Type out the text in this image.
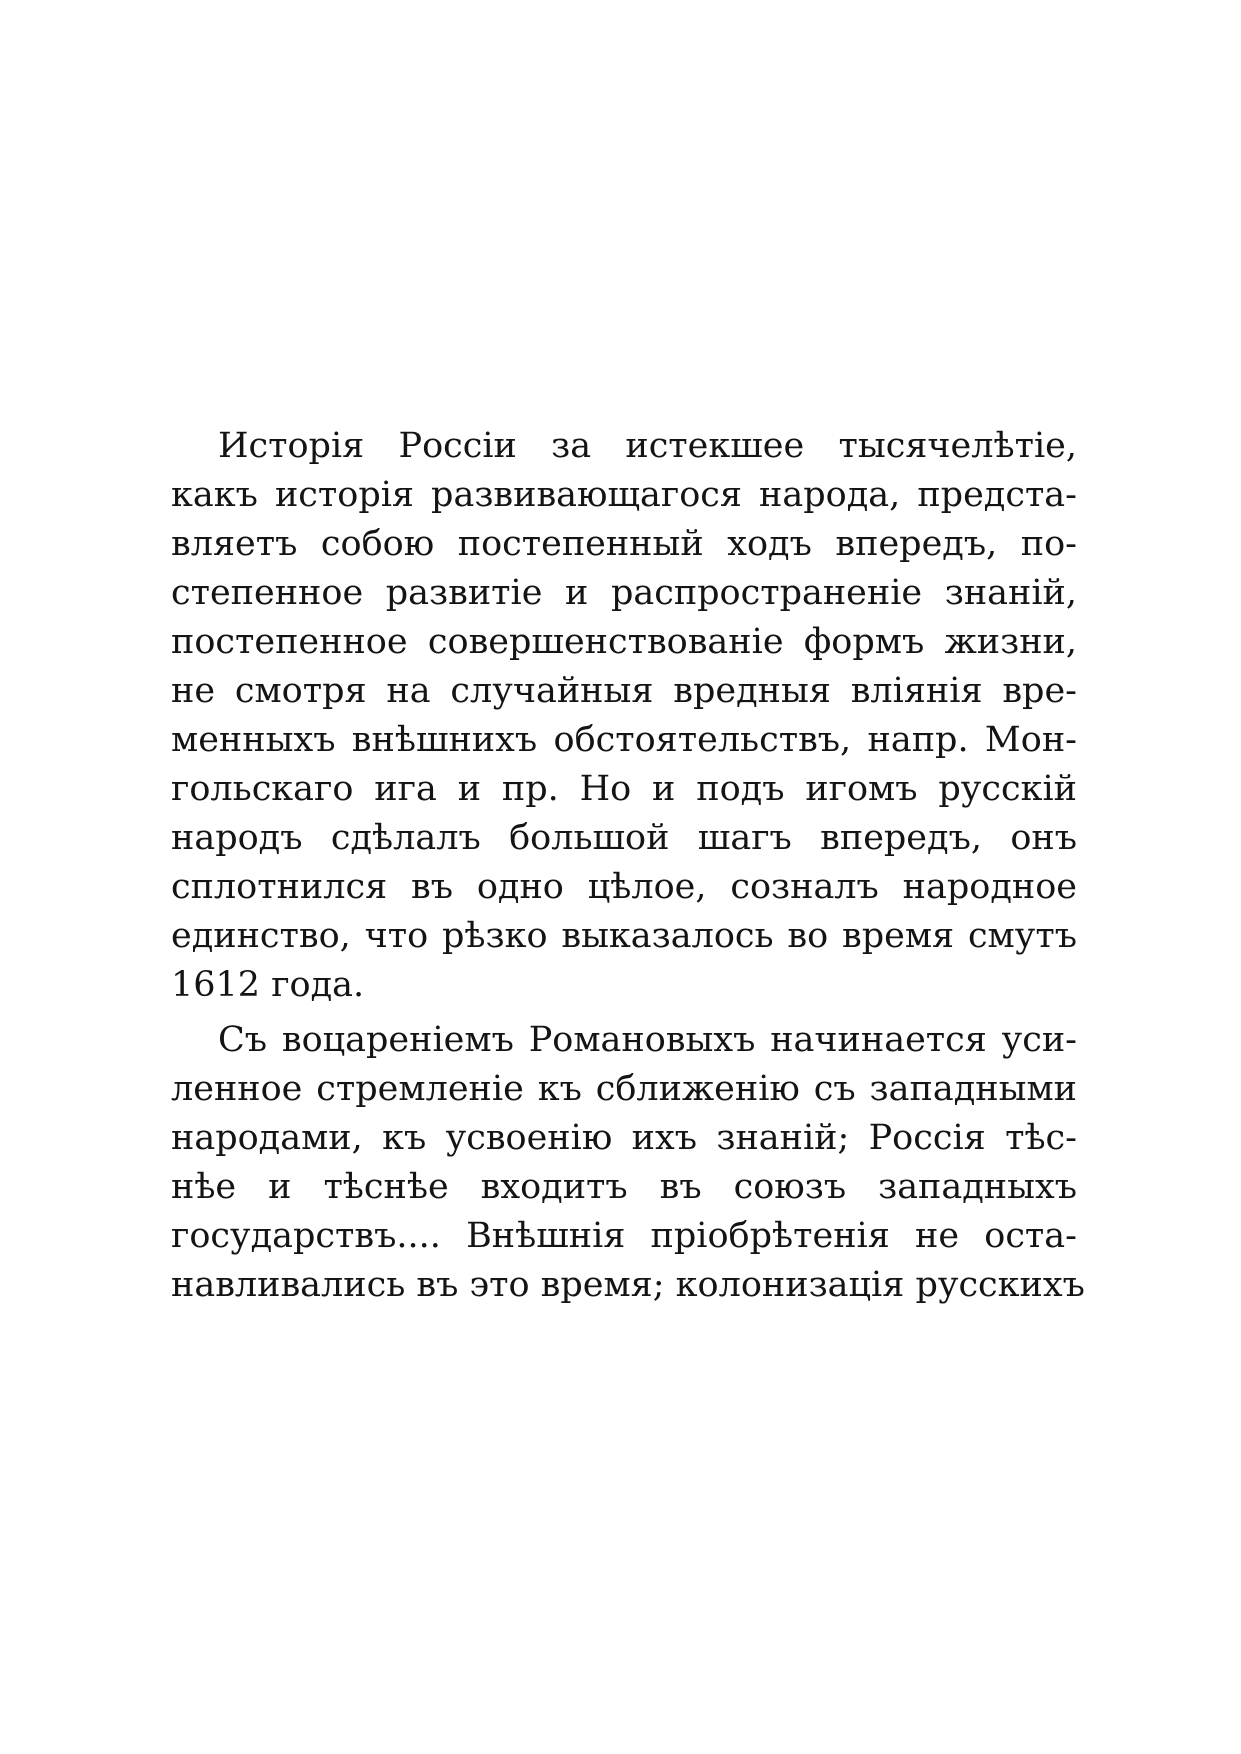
Исторія Россіи за истекшее тысячелѣтіе,
какъ исторія развивающагося народа, предста-
вляетъ собою постепенный ходъ впередъ, по-
степенное развитіе и распространеніе знаній,
постепенное совершенствованіе формъ жизни,
не смотря на случайныя вредныя вліянія вре-
менныхъ внѣшнихъ обстоятельствъ, напр. Мон-
гольскаго ига и пр. Но и подъ игомъ русскій
народъ сдѣлалъ большой шагъ впередъ, онъ
сплотнился въ одно цѣлое, созналъ народное
единство, что рѣзко выказалось во время смутъ
1612 года.
Съ воцареніемъ Романовыхъ начинается уси-
ленное стремленіе къ сближенію съ западными
народами, къ усвоенію ихъ знаній; Россія тѣс-
нѣе и тѣснѣе входитъ въ союзъ западныхъ
государствъ.... Внѣшнія пріобрѣтенія не оста-
навливались въ это время; колонизація русскихъ
